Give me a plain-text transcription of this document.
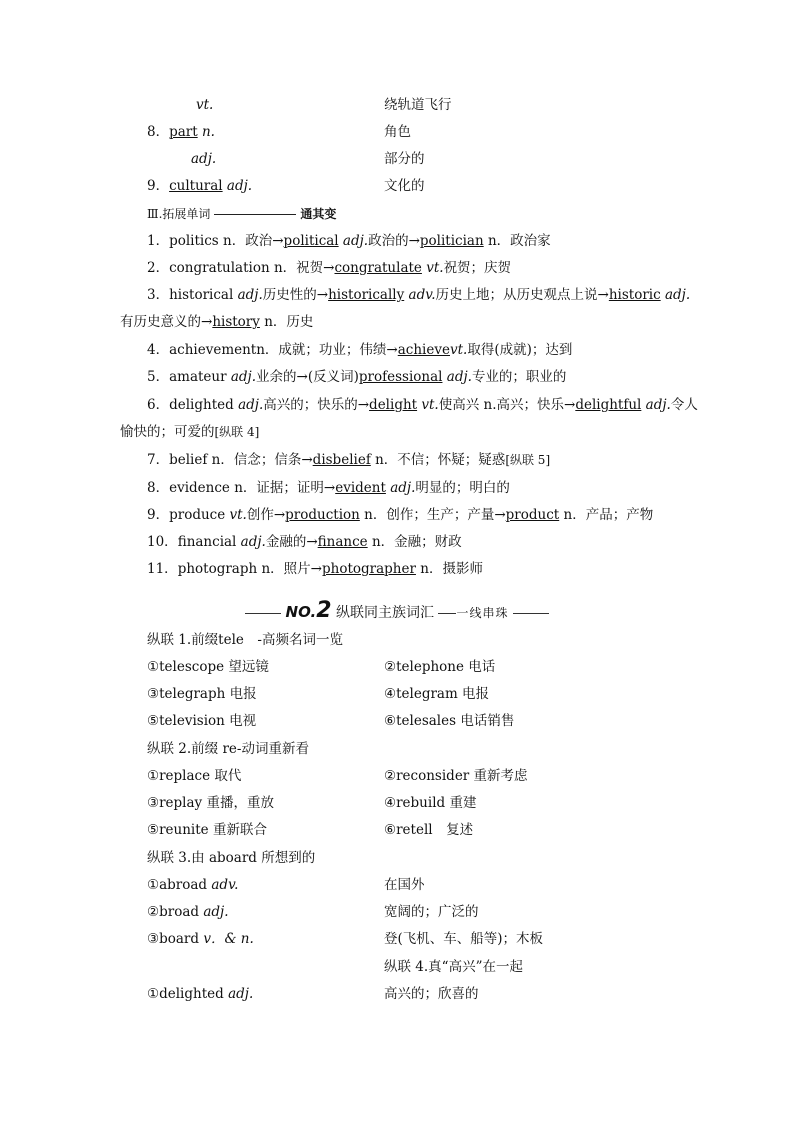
vt.	绕轨道飞行
8．part n.	角色
adj.	部分的
9．cultural adj.	文化的
Ⅲ.拓展单词	通其变
1．politics n．政治→political adj.政治的→politician n．政治家
2．congratulation n．祝贺→congratulate vt.祝贺；庆贺
3．historical adj.历史性的→historically adv.历史上地；从历史观点上说→historic adj.
有历史意义的→history n．历史
4．achievementn．成就；功业；伟绩→achievevt.取得(成就)；达到
5．amateur adj.业余的→(反义词)professional adj.专业的；职业的
6．delighted adj.高兴的；快乐的→delight vt.使高兴 n.高兴；快乐→delightful adj.令人
愉快的；可爱的[纵联 4]
7．belief n．信念；信条→disbelief n．不信；怀疑；疑惑[纵联 5]
8．evidence n．证据；证明→evident adj.明显的；明白的
9．produce vt.创作→production n．创作；生产；产量→product n．产品；产物
10．financial adj.金融的→finance n．金融；财政
11．photograph n．照片→photographer n．摄影师
NO.2 纵联同主族词汇 一线串珠
纵联 1.前缀tele　-高频名词一览
①telescope 望远镜	②telephone 电话
③telegraph 电报	④telegram 电报
⑤television 电视	⑥telesales 电话销售
纵联 2.前缀 re-动词重新看
①replace 取代	②reconsider 重新考虑
③replay 重播，重放	④rebuild 重建
⑤reunite 重新联合	⑥retell　复述
纵联 3.由 aboard 所想到的
①abroad adv.	在国外
②broad adj.	宽阔的；广泛的
③board v．& n.	登(飞机、车、船等)；木板
纵联 4.真“高兴”在一起
①delighted adj.	高兴的；欣喜的
